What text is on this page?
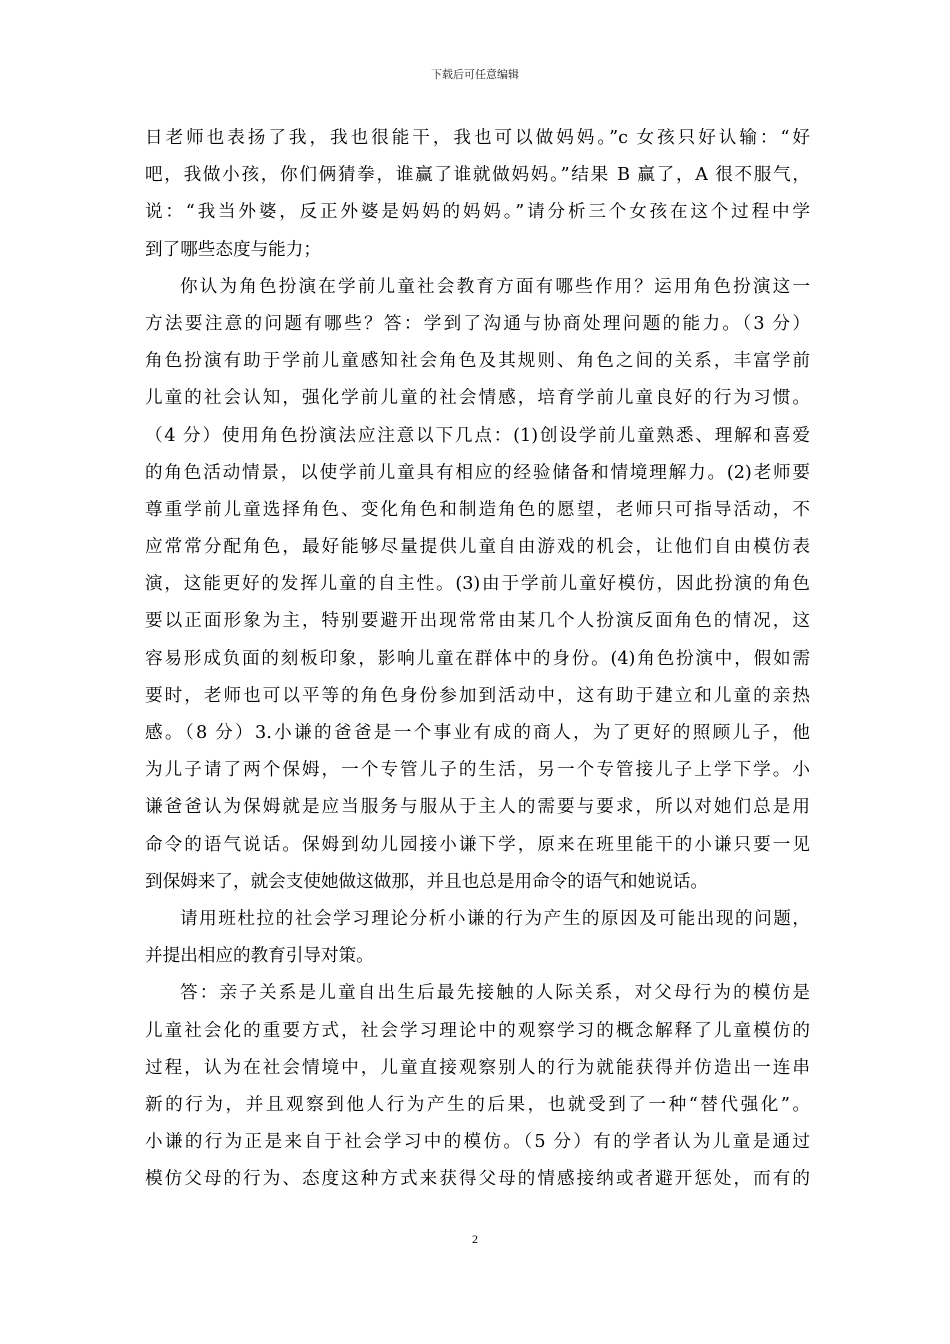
下载后可任意编辑
日老师也表扬了我，我也很能干，我也可以做妈妈。”c 女孩只好认输：“好
吧，我做小孩，你们俩猜拳，谁赢了谁就做妈妈。”结果 B 赢了，A 很不服气，
说：“我当外婆，反正外婆是妈妈的妈妈。”请分析三个女孩在这个过程中学
到了哪些态度与能力；
你认为角色扮演在学前儿童社会教育方面有哪些作用？运用角色扮演这一
方法要注意的问题有哪些？答：学到了沟通与协商处理问题的能力。（3 分）
角色扮演有助于学前儿童感知社会角色及其规则、角色之间的关系，丰富学前
儿童的社会认知，强化学前儿童的社会情感，培育学前儿童良好的行为习惯。
（4 分）使用角色扮演法应注意以下几点：(1)创设学前儿童熟悉、理解和喜爱
的角色活动情景，以使学前儿童具有相应的经验储备和情境理解力。(2)老师要
尊重学前儿童选择角色、变化角色和制造角色的愿望，老师只可指导活动，不
应常常分配角色，最好能够尽量提供儿童自由游戏的机会，让他们自由模仿表
演，这能更好的发挥儿童的自主性。(3)由于学前儿童好模仿，因此扮演的角色
要以正面形象为主，特别要避开出现常常由某几个人扮演反面角色的情况，这
容易形成负面的刻板印象，影响儿童在群体中的身份。(4)角色扮演中，假如需
要时，老师也可以平等的角色身份参加到活动中，这有助于建立和儿童的亲热
感。（8 分）3.小谦的爸爸是一个事业有成的商人，为了更好的照顾儿子，他
为儿子请了两个保姆，一个专管儿子的生活，另一个专管接儿子上学下学。小
谦爸爸认为保姆就是应当服务与服从于主人的需要与要求，所以对她们总是用
命令的语气说话。保姆到幼儿园接小谦下学，原来在班里能干的小谦只要一见
到保姆来了，就会支使她做这做那，并且也总是用命令的语气和她说话。
请用班杜拉的社会学习理论分析小谦的行为产生的原因及可能出现的问题，
并提出相应的教育引导对策。
答：亲子关系是儿童自出生后最先接触的人际关系，对父母行为的模仿是
儿童社会化的重要方式，社会学习理论中的观察学习的概念解释了儿童模仿的
过程，认为在社会情境中，儿童直接观察别人的行为就能获得并仿造出一连串
新的行为，并且观察到他人行为产生的后果，也就受到了一种“替代强化”。
小谦的行为正是来自于社会学习中的模仿。（5 分）有的学者认为儿童是通过
模仿父母的行为、态度这种方式来获得父母的情感接纳或者避开惩处，而有的
2
